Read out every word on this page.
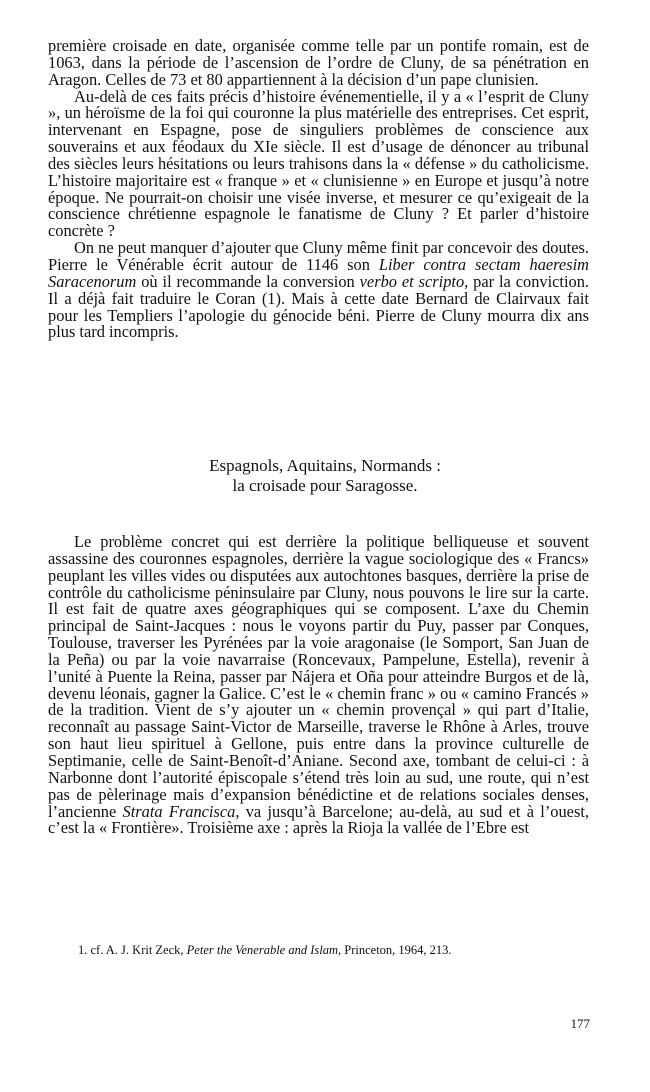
première croisade en date, organisée comme telle par un pontife romain, est de 1063, dans la période de l’ascension de l’ordre de Cluny, de sa pénétration en Aragon. Celles de 73 et 80 appartiennent à la décision d’un pape clunisien.

Au-delà de ces faits précis d’histoire événementielle, il y a « l’esprit de Cluny », un héroïsme de la foi qui couronne la plus matérielle des entreprises. Cet esprit, intervenant en Espagne, pose de singuliers problèmes de conscience aux souverains et aux féodaux du XIe siècle. Il est d’usage de dénoncer au tribunal des siècles leurs hésitations ou leurs trahisons dans la « défense » du catholicisme. L’histoire majoritaire est « franque » et « clunisienne » en Europe et jusqu’à notre époque. Ne pourrait-on choisir une visée inverse, et mesurer ce qu’exigeait de la conscience chrétienne espagnole le fanatisme de Cluny ? Et parler d’histoire concrète ?

On ne peut manquer d’ajouter que Cluny même finit par concevoir des doutes. Pierre le Vénérable écrit autour de 1146 son Liber contra sectam haeresim Saracenorum où il recommande la conversion verbo et scripto, par la conviction. Il a déjà fait traduire le Coran (1). Mais à cette date Bernard de Clairvaux fait pour les Templiers l’apologie du génocide béni. Pierre de Cluny mourra dix ans plus tard incompris.

Espagnols, Aquitains, Normands :
la croisade pour Saragosse.

Le problème concret qui est derrière la politique belliqueuse et souvent assassine des couronnes espagnoles, derrière la vague sociologique des « Francs» peuplant les villes vides ou disputées aux autochtones basques, derrière la prise de contrôle du catholicisme péninsulaire par Cluny, nous pouvons le lire sur la carte. Il est fait de quatre axes géographiques qui se composent. L’axe du Chemin principal de Saint-Jacques : nous le voyons partir du Puy, passer par Conques, Toulouse, traverser les Pyrénées par la voie aragonaise (le Somport, San Juan de la Peña) ou par la voie navarraise (Roncevaux, Pampelune, Estella), revenir à l’unité à Puente la Reina, passer par Nájera et Oña pour atteindre Burgos et de là, devenu léonais, gagner la Galice. C’est le « chemin franc » ou « camino Francés » de la tradition. Vient de s’y ajouter un « chemin provençal » qui part d’Italie, reconnaît au passage Saint-Victor de Marseille, traverse le Rhône à Arles, trouve son haut lieu spirituel à Gellone, puis entre dans la province culturelle de Septimanie, celle de Saint-Benoît-d’Aniane. Second axe, tombant de celui-ci : à Narbonne dont l’autorité épiscopale s’étend très loin au sud, une route, qui n’est pas de pèlerinage mais d’expansion bénédictine et de relations sociales denses, l’ancienne Strata Francisca, va jusqu’à Barcelone; au-delà, au sud et à l’ouest, c’est la « Frontière». Troisième axe : après la Rioja la vallée de l’Ebre est

1. cf. A. J. Krit Zeck, Peter the Venerable and Islam, Princeton, 1964, 213.
177
